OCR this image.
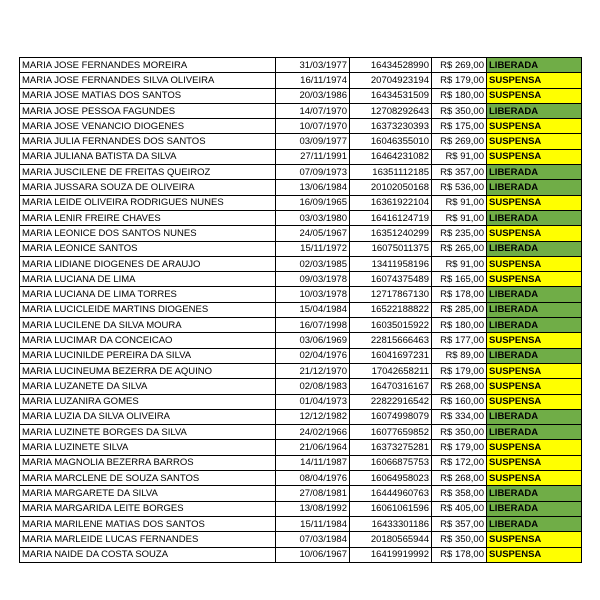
MARIA JOSE FERNANDES MOREIRA	31/03/1977	16434528990	R$ 269,00	LIBERADA
MARIA JOSE FERNANDES SILVA OLIVEIRA	16/11/1974	20704923194	R$ 179,00	SUSPENSA
MARIA JOSE MATIAS DOS SANTOS	20/03/1986	16434531509	R$ 180,00	SUSPENSA
MARIA JOSE PESSOA FAGUNDES	14/07/1970	12708292643	R$ 350,00	LIBERADA
MARIA JOSE VENANCIO DIOGENES	10/07/1970	16373230393	R$ 175,00	SUSPENSA
MARIA JULIA FERNANDES DOS SANTOS	03/09/1977	16046355010	R$ 269,00	SUSPENSA
MARIA JULIANA BATISTA DA SILVA	27/11/1991	16464231082	R$ 91,00	SUSPENSA
MARIA JUSCILENE DE FREITAS QUEIROZ	07/09/1973	16351112185	R$ 357,00	LIBERADA
MARIA JUSSARA SOUZA DE OLIVEIRA	13/06/1984	20102050168	R$ 536,00	LIBERADA
MARIA LEIDE OLIVEIRA RODRIGUES NUNES	16/09/1965	16361922104	R$ 91,00	SUSPENSA
MARIA LENIR FREIRE CHAVES	03/03/1980	16416124719	R$ 91,00	LIBERADA
MARIA LEONICE DOS SANTOS NUNES	24/05/1967	16351240299	R$ 235,00	SUSPENSA
MARIA LEONICE SANTOS	15/11/1972	16075011375	R$ 265,00	LIBERADA
MARIA LIDIANE DIOGENES DE ARAUJO	02/03/1985	13411958196	R$ 91,00	SUSPENSA
MARIA LUCIANA DE LIMA	09/03/1978	16074375489	R$ 165,00	SUSPENSA
MARIA LUCIANA DE LIMA TORRES	10/03/1978	12717867130	R$ 178,00	LIBERADA
MARIA LUCICLEIDE MARTINS DIOGENES	15/04/1984	16522188822	R$ 285,00	LIBERADA
MARIA LUCILENE DA SILVA MOURA	16/07/1998	16035015922	R$ 180,00	LIBERADA
MARIA LUCIMAR DA CONCEICAO	03/06/1969	22815666463	R$ 177,00	SUSPENSA
MARIA LUCINILDE PEREIRA DA SILVA	02/04/1976	16041697231	R$ 89,00	LIBERADA
MARIA LUCINEUMA BEZERRA DE AQUINO	21/12/1970	17042658211	R$ 179,00	SUSPENSA
MARIA LUZANETE DA SILVA	02/08/1983	16470316167	R$ 268,00	SUSPENSA
MARIA LUZANIRA GOMES	01/04/1973	22822916542	R$ 160,00	SUSPENSA
MARIA LUZIA DA SILVA OLIVEIRA	12/12/1982	16074998079	R$ 334,00	LIBERADA
MARIA LUZINETE BORGES DA SILVA	24/02/1966	16077659852	R$ 350,00	LIBERADA
MARIA LUZINETE SILVA	21/06/1964	16373275281	R$ 179,00	SUSPENSA
MARIA MAGNOLIA BEZERRA BARROS	14/11/1987	16066875753	R$ 172,00	SUSPENSA
MARIA MARCLENE DE SOUZA SANTOS	08/04/1976	16064958023	R$ 268,00	SUSPENSA
MARIA MARGARETE DA SILVA	27/08/1981	16444960763	R$ 358,00	LIBERADA
MARIA MARGARIDA LEITE BORGES	13/08/1992	16061061596	R$ 405,00	LIBERADA
MARIA MARILENE MATIAS DOS SANTOS	15/11/1984	16433301186	R$ 357,00	LIBERADA
MARIA MARLEIDE LUCAS FERNANDES	07/03/1984	20180565944	R$ 350,00	SUSPENSA
MARIA NAIDE DA COSTA SOUZA	10/06/1967	16419919992	R$ 178,00	SUSPENSA
